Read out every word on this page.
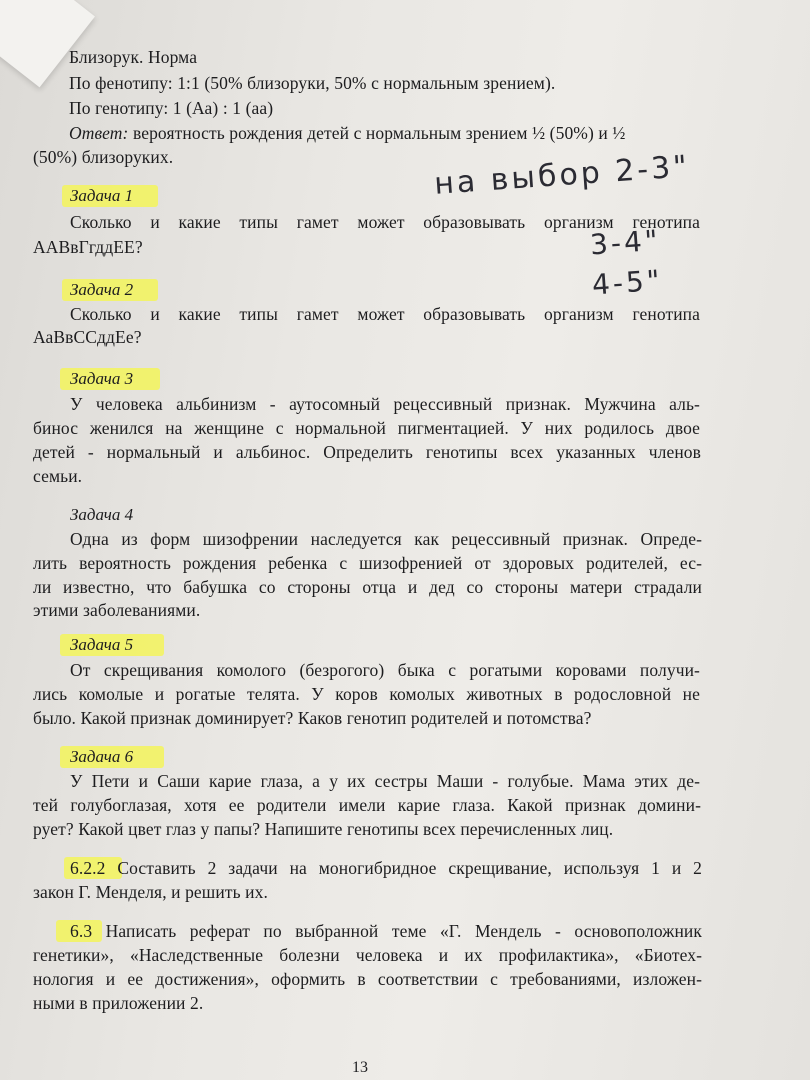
Близорук. Норма
По фенотипу: 1:1 (50% близоруки, 50% с нормальным зрением).
По генотипу: 1 (Аа) : 1 (аа)
Ответ: вероятность рождения детей с нормальным зрением ½ (50%) и ½
(50%) близоруких.
Задача 1
Сколько и какие типы гамет может образовывать организм генотипа
ААВвГгддЕЕ?
Задача 2
Сколько и какие типы гамет может образовывать организм генотипа
АаВвССддЕе?
Задача 3
У человека альбинизм - аутосомный рецессивный признак. Мужчина аль-
бинос женился на женщине с нормальной пигментацией. У них родилось двое
детей - нормальный и альбинос. Определить генотипы всех указанных членов
семьи.
Задача 4
Одна из форм шизофрении наследуется как рецессивный признак. Опреде-
лить вероятность рождения ребенка с шизофренией от здоровых родителей, ес-
ли известно, что бабушка со стороны отца и дед со стороны матери страдали
этими заболеваниями.
Задача 5
От скрещивания комолого (безрогого) быка с рогатыми коровами получи-
лись комолые и рогатые телята. У коров комолых животных в родословной не
было. Какой признак доминирует? Каков генотип родителей и потомства?
Задача 6
У Пети и Саши карие глаза, а у их сестры Маши - голубые. Мама этих де-
тей голубоглазая, хотя ее родители имели карие глаза. Какой признак домини-
рует? Какой цвет глаз у папы? Напишите генотипы всех перечисленных лиц.
6.2.2 Составить 2 задачи на моногибридное скрещивание, используя 1 и 2
закон Г. Менделя, и решить их.
6.3 Написать реферат по выбранной теме «Г. Мендель - основоположник
генетики», «Наследственные болезни человека и их профилактика», «Биотех-
нология и ее достижения», оформить в соответствии с требованиями, изложен-
ными в приложении 2.
на выбор 2-3"
3-4"
4-5"
13
